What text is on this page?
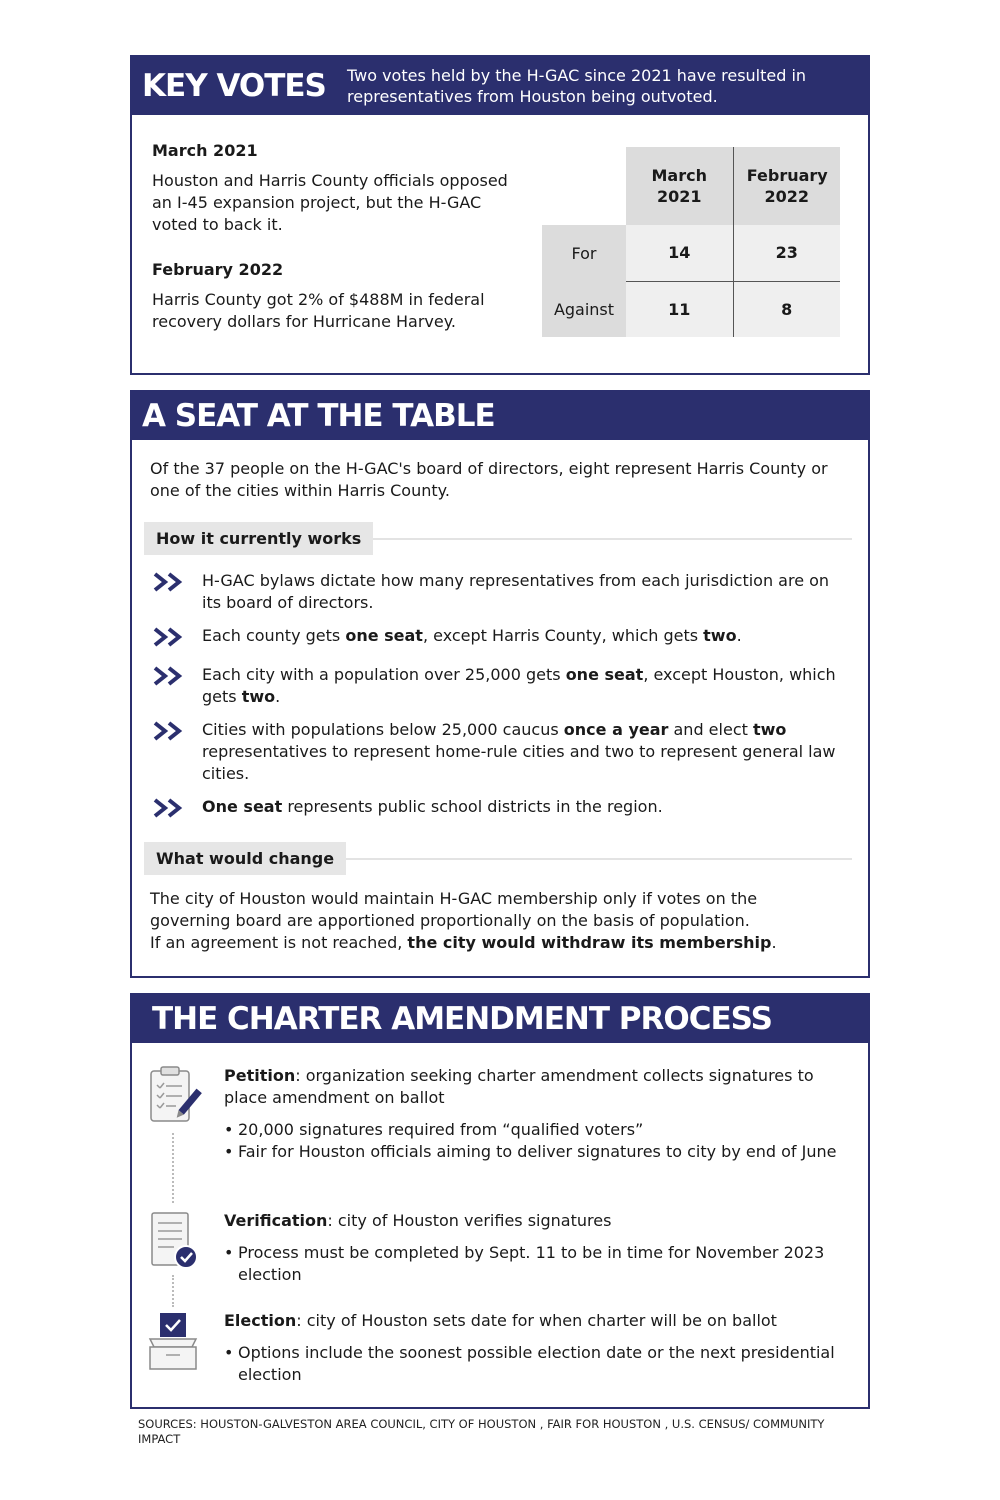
KEY VOTES	Two votes held by the H-GAC since 2021 have resulted in representatives from Houston being outvoted.
March 2021
Houston and Harris County officials opposed an I-45 expansion project, but the H-GAC voted to back it.
February 2022
Harris County got 2% of $488M in federal recovery dollars for Hurricane Harvey.
	March 2021	February 2022
For	14	23
Against	11	8
A SEAT AT THE TABLE
Of the 37 people on the H-GAC's board of directors, eight represent Harris County or one of the cities within Harris County.
How it currently works
H-GAC bylaws dictate how many representatives from each jurisdiction are on its board of directors.
Each county gets one seat, except Harris County, which gets two.
Each city with a population over 25,000 gets one seat, except Houston, which gets two.
Cities with populations below 25,000 caucus once a year and elect two representatives to represent home-rule cities and two to represent general law cities.
One seat represents public school districts in the region.
What would change
The city of Houston would maintain H-GAC membership only if votes on the governing board are apportioned proportionally on the basis of population.
If an agreement is not reached, the city would withdraw its membership.
THE CHARTER AMENDMENT PROCESS
Petition: organization seeking charter amendment collects signatures to place amendment on ballot
• 20,000 signatures required from “qualified voters”
• Fair for Houston officials aiming to deliver signatures to city by end of June
Verification: city of Houston verifies signatures
• Process must be completed by Sept. 11 to be in time for November 2023 election
Election: city of Houston sets date for when charter will be on ballot
• Options include the soonest possible election date or the next presidential election
SOURCES: HOUSTON-GALVESTON AREA COUNCIL, CITY OF HOUSTON , FAIR FOR HOUSTON , U.S. CENSUS/ COMMUNITY IMPACT
